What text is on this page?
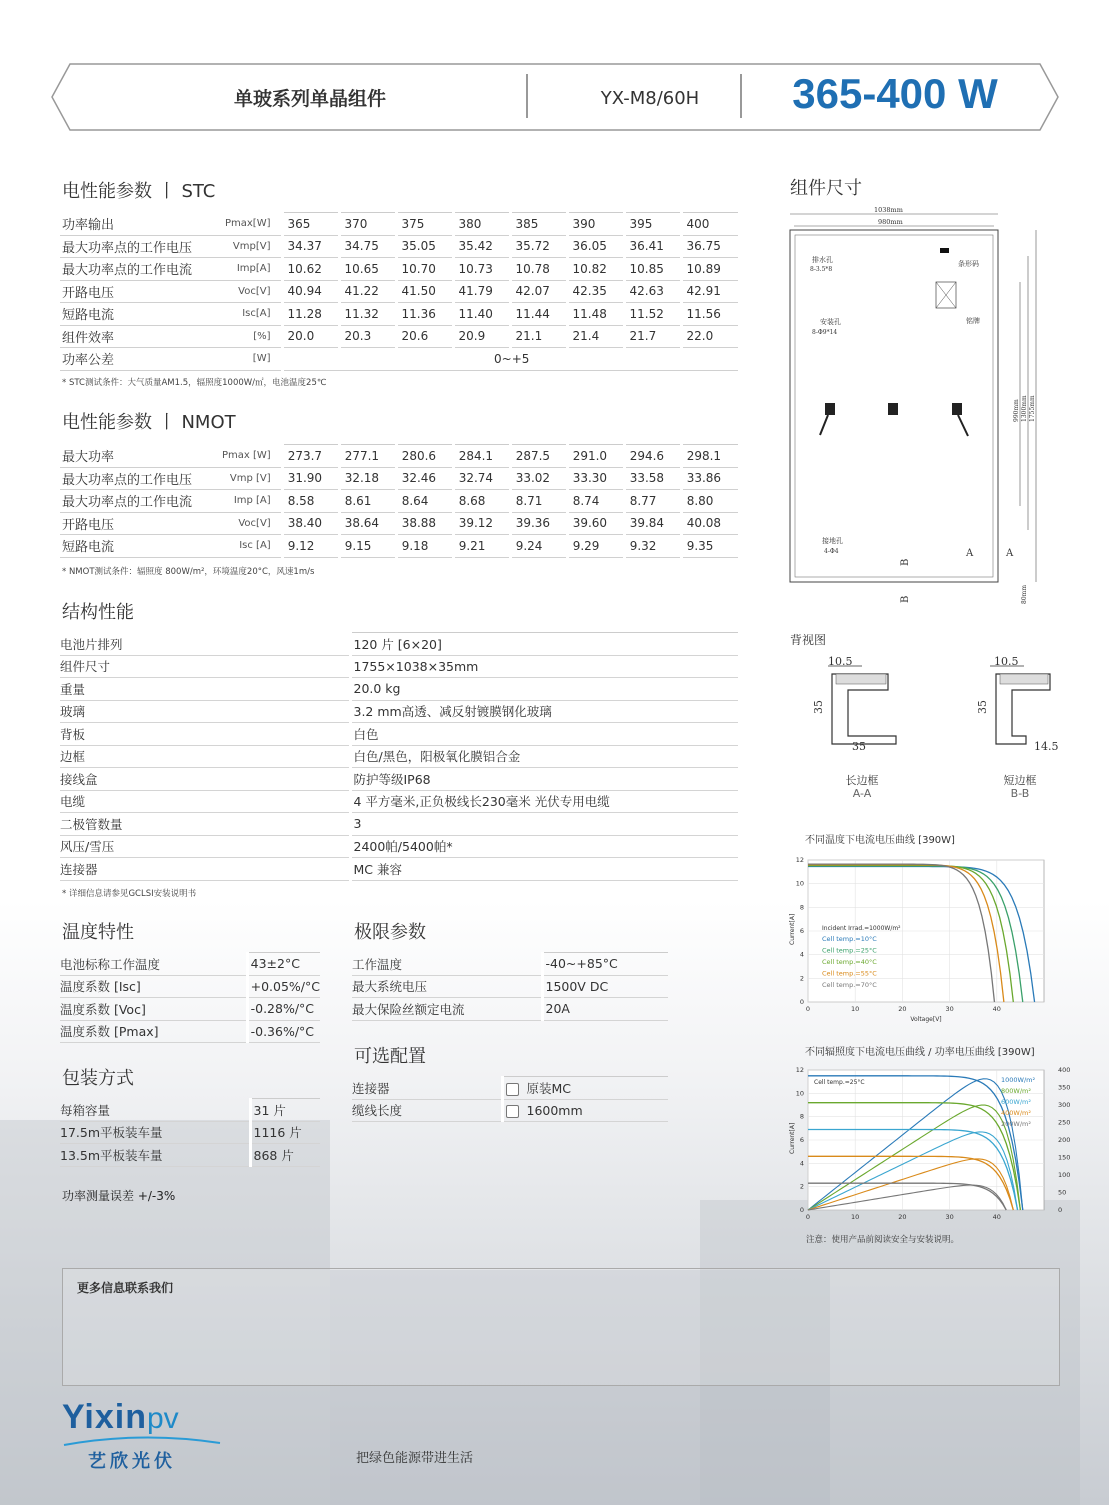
单玻系列单晶组件	YX-M8/60H	365-400 W
电性能参数 丨 STC
功率输出	Pmax[W]	365	370	375	380	385	390	395	400
最大功率点的工作电压	Vmp[V]	34.37	34.75	35.05	35.42	35.72	36.05	36.41	36.75
最大功率点的工作电流	Imp[A]	10.62	10.65	10.70	10.73	10.78	10.82	10.85	10.89
开路电压	Voc[V]	40.94	41.22	41.50	41.79	42.07	42.35	42.63	42.91
短路电流	Isc[A]	11.28	11.32	11.36	11.40	11.44	11.48	11.52	11.56
组件效率	[%]	20.0	20.3	20.6	20.9	21.1	21.4	21.7	22.0
功率公差	[W]	0~+5							
* STC测试条件：大气质量AM1.5，辐照度1000W/㎡，电池温度25℃
电性能参数 丨 NMOT
最大功率	Pmax [W]	273.7	277.1	280.6	284.1	287.5	291.0	294.6	298.1
最大功率点的工作电压	Vmp [V]	31.90	32.18	32.46	32.74	33.02	33.30	33.58	33.86
最大功率点的工作电流	Imp [A]	8.58	8.61	8.64	8.68	8.71	8.74	8.77	8.80
开路电压	Voc[V]	38.40	38.64	38.88	39.12	39.36	39.60	39.84	40.08
短路电流	Isc [A]	9.12	9.15	9.18	9.21	9.24	9.29	9.32	9.35
* NMOT测试条件：辐照度 800W/m²，环境温度20°C，风速1m/s
结构性能
电池片排列	120 片 [6×20]
组件尺寸	1755×1038×35mm
重量	20.0 kg
玻璃	3.2 mm高透、减反射镀膜钢化玻璃
背板	白色
边框	白色/黑色，阳极氧化膜铝合金
接线盒	防护等级IP68
电缆	4 平方毫米,正负极线长230毫米 光伏专用电缆
二极管数量	3
风压/雪压	2400帕/5400帕*
连接器	MC 兼容
* 详细信息请参见GCLSI安装说明书
温度特性
电池标称工作温度	43±2°C
温度系数 [Isc]	+0.05%/°C
温度系数 [Voc]	-0.28%/°C
温度系数 [Pmax]	-0.36%/°C
极限参数
工作温度	-40~+85°C
最大系统电压	1500V DC
最大保险丝额定电流	20A
包装方式
每箱容量	31 片
17.5m平板装车量	1116 片
13.5m平板装车量	868 片
功率测量误差 +/-3%
可选配置
连接器	原装MC
缆线长度	1600mm
组件尺寸
1038mm
980mm
条形码
排水孔
8-3.5*8
铭牌
安装孔
8-Φ9*14
990mm 1300mm 1755mm
接地孔
4-Φ4	A	A
B
B	80mm
背视图
10.5
35
35
10.5
35
14.5
长边框
A-A
短边框
B-B
不同温度下电流电压曲线 [390W]
0
2
4
6
8
10
12
0	10	20	30	40
Current[A]
Voltage[V]
Incident Irrad.=1000W/m²
Cell temp.=10°C
Cell temp.=25°C
Cell temp.=40°C
Cell temp.=55°C
Cell temp.=70°C
不同辐照度下电流电压曲线 / 功率电压曲线 [390W]
0
2
4
6
8
10
12
0	10	20	30	40
0
50
100
150
200
250
300
350
400
Current[A]
Cell temp.=25°C	1000W/m²
800W/m²
600W/m²
400W/m²
200W/m²
注意：使用产品前阅读安全与安装说明。
更多信息联系我们
Yixinpv
艺欣光伏	把绿色能源带进生活
